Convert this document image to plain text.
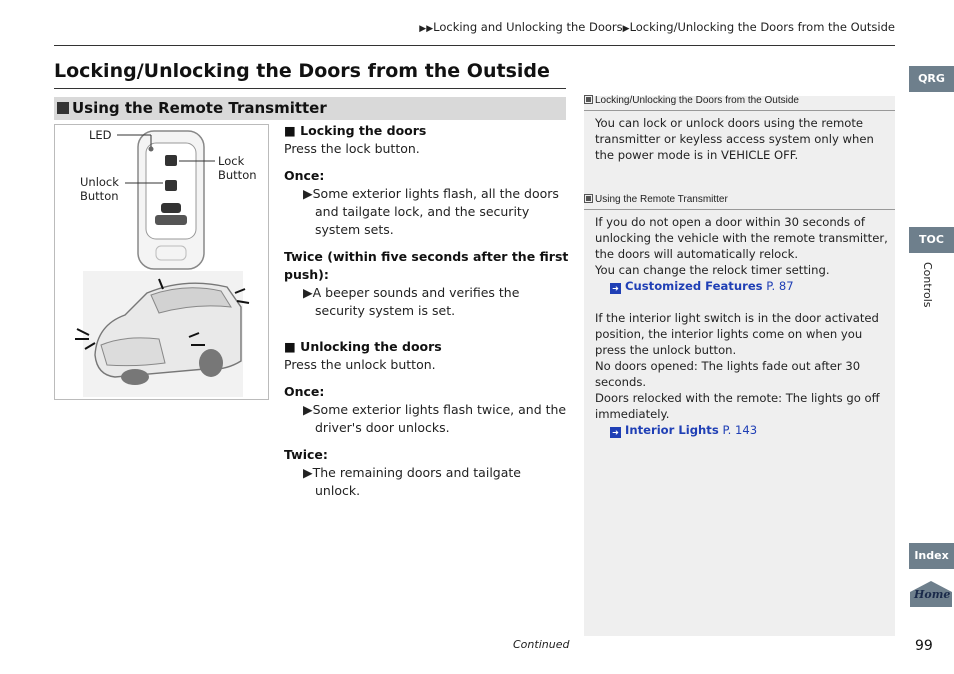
▶▶Locking and Unlocking the Doors▶Locking/Unlocking the Doors from the Outside
Locking/Unlocking the Doors from the Outside
Using the Remote Transmitter
LED
Lock
Button
Unlock
Button
■ Locking the doors
Press the lock button.
Once:
▶Some exterior lights flash, all the doors and tailgate lock, and the security system sets.
Twice (within five seconds after the first push):
▶A beeper sounds and verifies the security system is set.
■ Unlocking the doors
Press the unlock button.
Once:
▶Some exterior lights flash twice, and the driver's door unlocks.
Twice:
▶The remaining doors and tailgate unlock.
Locking/Unlocking the Doors from the Outside
You can lock or unlock doors using the remote transmitter or keyless access system only when the power mode is in VEHICLE OFF.
Using the Remote Transmitter
If you do not open a door within 30 seconds of unlocking the vehicle with the remote transmitter, the doors will automatically relock.
You can change the relock timer setting.
➜ Customized Features P. 87
If the interior light switch is in the door activated position, the interior lights come on when you press the unlock button.
No doors opened: The lights fade out after 30 seconds.
Doors relocked with the remote: The lights go off immediately.
➜ Interior Lights P. 143
QRG
TOC
Controls
Index
Home
Continued	99
